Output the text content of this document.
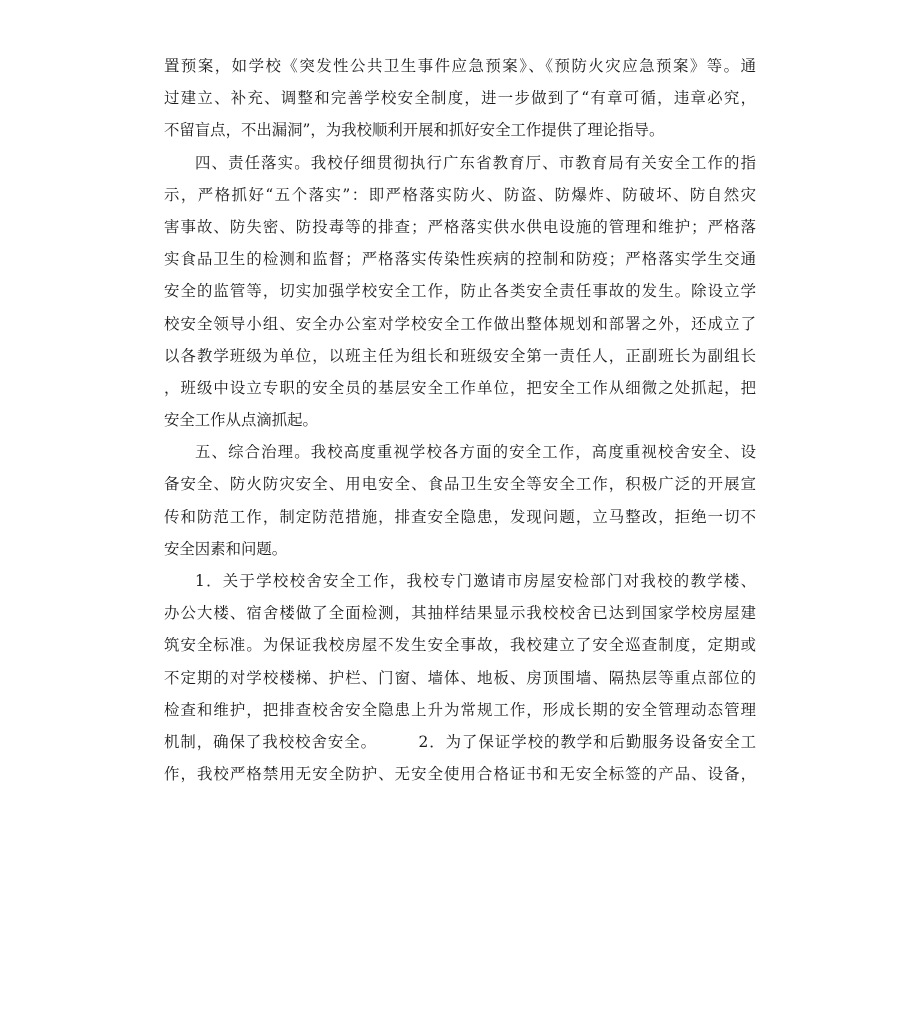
置预案，如学校《突发性公共卫生事件应急预案》、《预防火灾应急预案》等。通
过建立、补充、调整和完善学校安全制度，进一步做到了“有章可循，违章必究，
不留盲点，不出漏洞”，为我校顺利开展和抓好安全工作提供了理论指导。
四、责任落实。我校仔细贯彻执行广东省教育厅、市教育局有关安全工作的指
示，严格抓好“五个落实”：即严格落实防火、防盗、防爆炸、防破坏、防自然灾
害事故、防失密、防投毒等的排查；严格落实供水供电设施的管理和维护；严格落
实食品卫生的检测和监督；严格落实传染性疾病的控制和防疫；严格落实学生交通
安全的监管等，切实加强学校安全工作，防止各类安全责任事故的发生。除设立学
校安全领导小组、安全办公室对学校安全工作做出整体规划和部署之外，还成立了
以各教学班级为单位，以班主任为组长和班级安全第一责任人，正副班长为副组长
，班级中设立专职的安全员的基层安全工作单位，把安全工作从细微之处抓起，把
安全工作从点滴抓起。
五、综合治理。我校高度重视学校各方面的安全工作，高度重视校舍安全、设
备安全、防火防灾安全、用电安全、食品卫生安全等安全工作，积极广泛的开展宣
传和防范工作，制定防范措施，排查安全隐患，发现问题，立马整改，拒绝一切不
安全因素和问题。
1．关于学校校舍安全工作，我校专门邀请市房屋安检部门对我校的教学楼、
办公大楼、宿舍楼做了全面检测，其抽样结果显示我校校舍已达到国家学校房屋建
筑安全标准。为保证我校房屋不发生安全事故，我校建立了安全巡查制度，定期或
不定期的对学校楼梯、护栏、门窗、墙体、地板、房顶围墙、隔热层等重点部位的
检查和维护，把排查校舍安全隐患上升为常规工作，形成长期的安全管理动态管理
机制，确保了我校校舍安全。　　　2．为了保证学校的教学和后勤服务设备安全工
作，我校严格禁用无安全防护、无安全使用合格证书和无安全标签的产品、设备，
